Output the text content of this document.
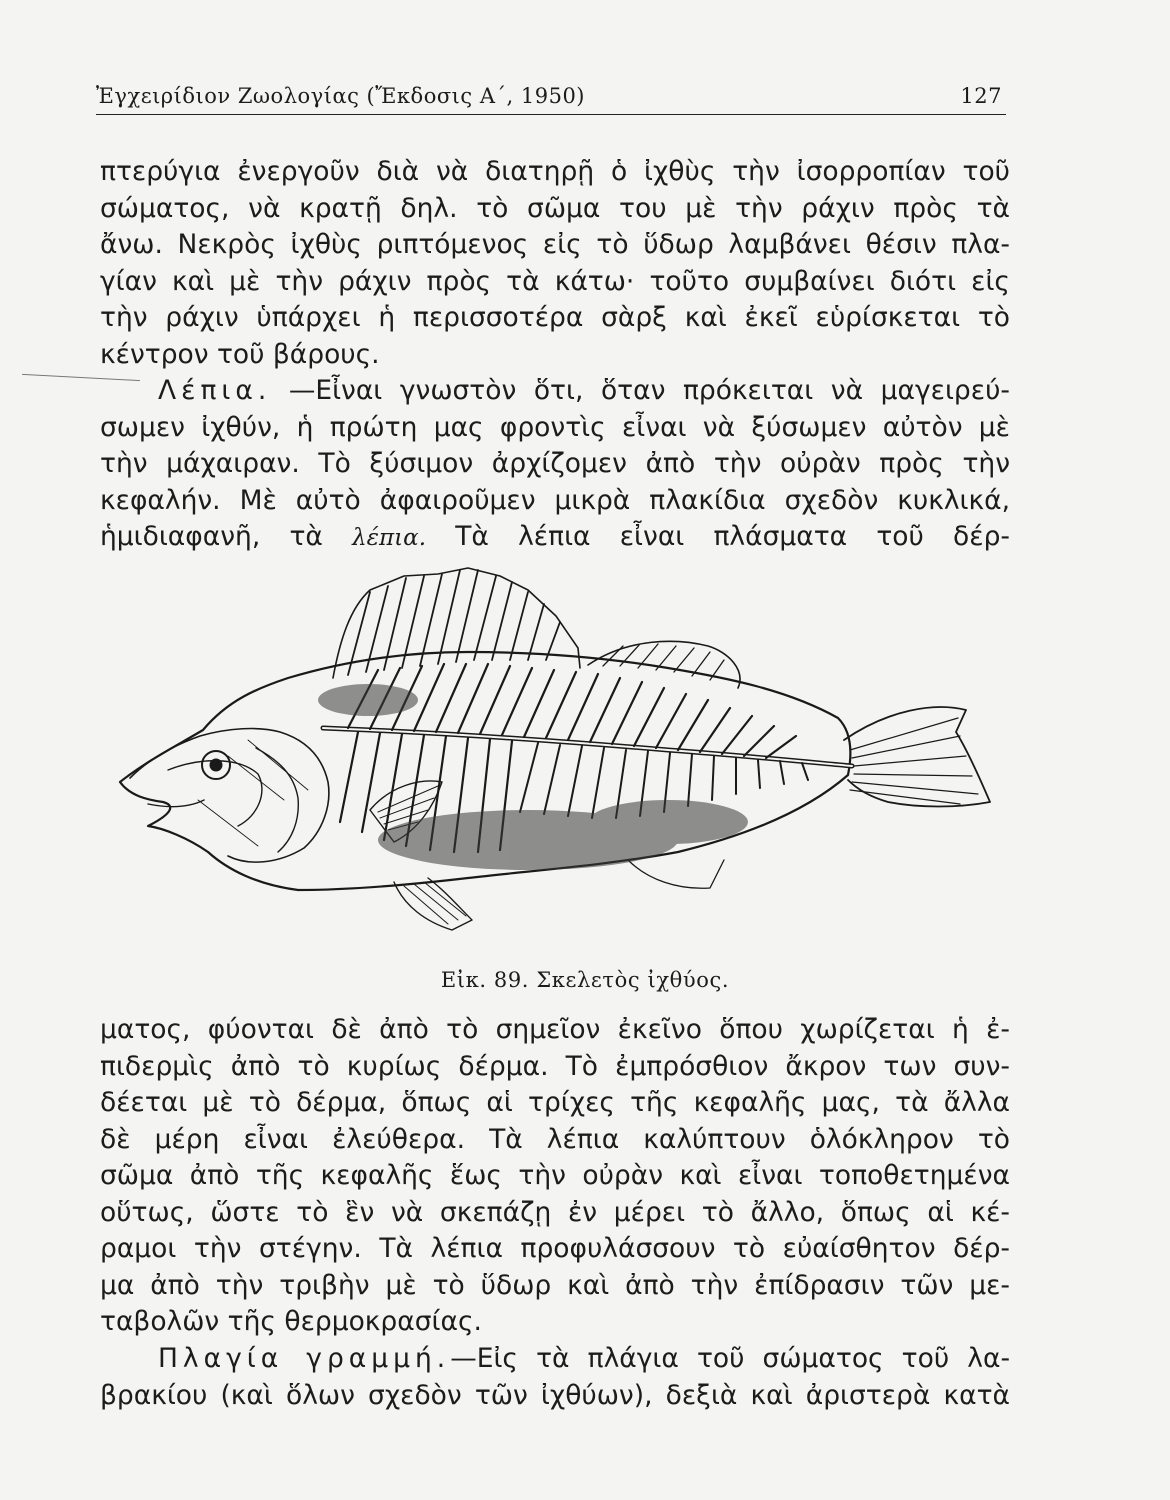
Ἐγχειρίδιον Ζωολογίας (Ἔκδοσις Α΄, 1950)	127
πτερύγια ἐνεργοῦν διὰ νὰ διατηρῇ ὁ ἰχθὺς τὴν ἰσορροπίαν τοῦ
σώματος, νὰ κρατῇ δηλ. τὸ σῶμα του μὲ τὴν ράχιν πρὸς τὰ
ἄνω. Νεκρὸς ἰχθὺς ριπτόμενος εἰς τὸ ὕδωρ λαμβάνει θέσιν πλα-
γίαν καὶ μὲ τὴν ράχιν πρὸς τὰ κάτω· τοῦτο συμβαίνει διότι εἰς
τὴν ράχιν ὑπάρχει ἡ περισσοτέρα σὰρξ καὶ ἐκεῖ εὑρίσκεται τὸ
κέντρον τοῦ βάρους.
Λέπια. —Εἶναι γνωστὸν ὅτι, ὅταν πρόκειται νὰ μαγειρεύ-
σωμεν ἰχθύν, ἡ πρώτη μας φροντὶς εἶναι νὰ ξύσωμεν αὐτὸν μὲ
τὴν μάχαιραν. Τὸ ξύσιμον ἀρχίζομεν ἀπὸ τὴν οὐρὰν πρὸς τὴν
κεφαλήν. Μὲ αὐτὸ ἀφαιροῦμεν μικρὰ πλακίδια σχεδὸν κυκλικά,
ἡμιδιαφανῆ, τὰ λέπια. Τὰ λέπια εἶναι πλάσματα τοῦ δέρ-
Εἰκ. 89. Σκελετὸς ἰχθύος.
ματος, φύονται δὲ ἀπὸ τὸ σημεῖον ἐκεῖνο ὅπου χωρίζεται ἡ ἐ-
πιδερμὶς ἀπὸ τὸ κυρίως δέρμα. Τὸ ἐμπρόσθιον ἄκρον των συν-
δέεται μὲ τὸ δέρμα, ὅπως αἱ τρίχες τῆς κεφαλῆς μας, τὰ ἄλλα
δὲ μέρη εἶναι ἐλεύθερα. Τὰ λέπια καλύπτουν ὁλόκληρον τὸ
σῶμα ἀπὸ τῆς κεφαλῆς ἕως τὴν οὐρὰν καὶ εἶναι τοποθετημένα
οὕτως, ὥστε τὸ ἓν νὰ σκεπάζῃ ἐν μέρει τὸ ἄλλο, ὅπως αἱ κέ-
ραμοι τὴν στέγην. Τὰ λέπια προφυλάσσουν τὸ εὐαίσθητον δέρ-
μα ἀπὸ τὴν τριβὴν μὲ τὸ ὕδωρ καὶ ἀπὸ τὴν ἐπίδρασιν τῶν με-
ταβολῶν τῆς θερμοκρασίας.
Πλαγία γραμμή.—Εἰς τὰ πλάγια τοῦ σώματος τοῦ λα-
βρακίου (καὶ ὅλων σχεδὸν τῶν ἰχθύων), δεξιὰ καὶ ἀριστερὰ κατὰ
